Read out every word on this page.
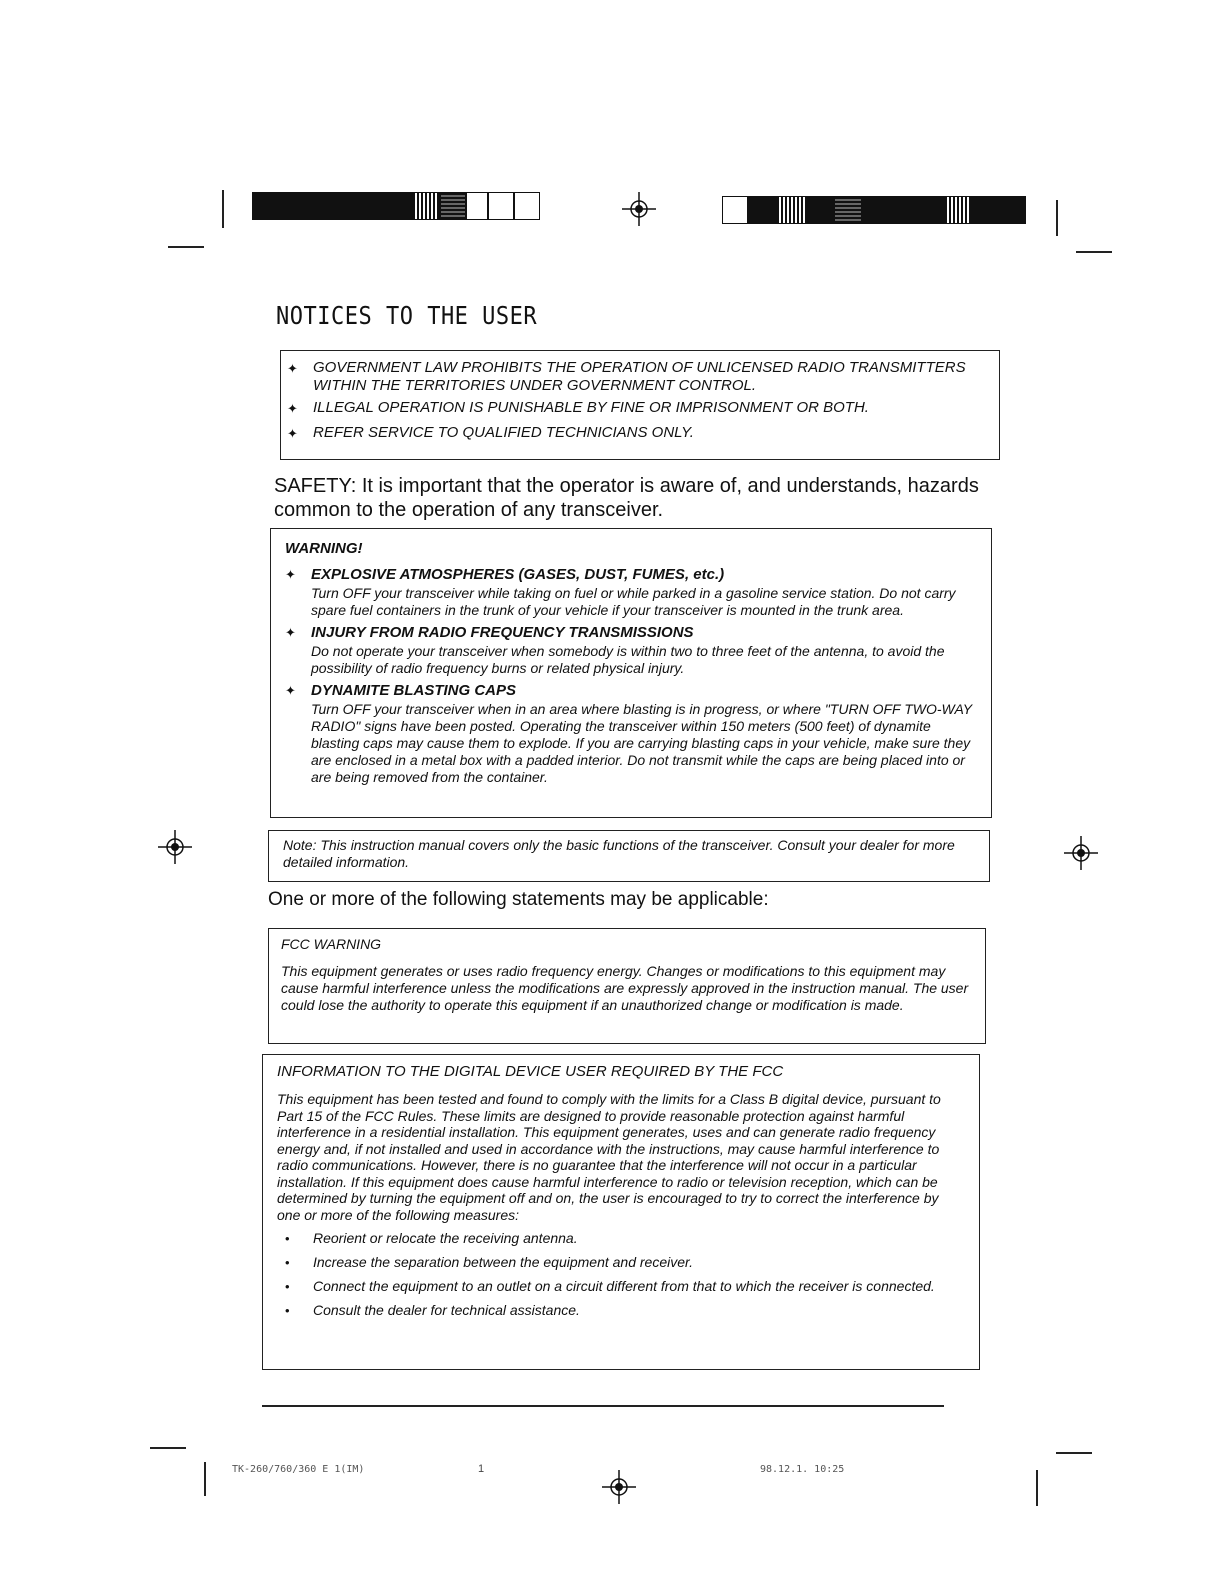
NOTICES TO THE USER
✦	GOVERNMENT LAW PROHIBITS THE OPERATION OF UNLICENSED RADIO TRANSMITTERS WITHIN THE TERRITORIES UNDER GOVERNMENT CONTROL.
✦	ILLEGAL OPERATION IS PUNISHABLE BY FINE OR IMPRISONMENT OR BOTH.
✦	REFER SERVICE TO QUALIFIED TECHNICIANS ONLY.
SAFETY: It is important that the operator is aware of, and understands, hazards common to the operation of any transceiver.
WARNING!
✦	EXPLOSIVE ATMOSPHERES (GASES, DUST, FUMES, etc.)
Turn OFF your transceiver while taking on fuel or while parked in a gasoline service station. Do not carry spare fuel containers in the trunk of your vehicle if your transceiver is mounted in the trunk area.
✦	INJURY FROM RADIO FREQUENCY TRANSMISSIONS
Do not operate your transceiver when somebody is within two to three feet of the antenna, to avoid the possibility of radio frequency burns or related physical injury.
✦	DYNAMITE BLASTING CAPS
Turn OFF your transceiver when in an area where blasting is in progress, or where "TURN OFF TWO-WAY RADIO" signs have been posted. Operating the transceiver within 150 meters (500 feet) of dynamite blasting caps may cause them to explode. If you are carrying blasting caps in your vehicle, make sure they are enclosed in a metal box with a padded interior. Do not transmit while the caps are being placed into or are being removed from the container.
Note: This instruction manual covers only the basic functions of the transceiver. Consult your dealer for more detailed information.
One or more of the following statements may be applicable:
FCC WARNING
This equipment generates or uses radio frequency energy. Changes or modifications to this equipment may cause harmful interference unless the modifications are expressly approved in the instruction manual. The user could lose the authority to operate this equipment if an unauthorized change or modification is made.
INFORMATION TO THE DIGITAL DEVICE USER REQUIRED BY THE FCC
This equipment has been tested and found to comply with the limits for a Class B digital device, pursuant to Part 15 of the FCC Rules. These limits are designed to provide reasonable protection against harmful interference in a residential installation. This equipment generates, uses and can generate radio frequency energy and, if not installed and used in accordance with the instructions, may cause harmful interference to radio communications. However, there is no guarantee that the interference will not occur in a particular installation. If this equipment does cause harmful interference to radio or television reception, which can be determined by turning the equipment off and on, the user is encouraged to try to correct the interference by one or more of the following measures:
•	Reorient or relocate the receiving antenna.
•	Increase the separation between the equipment and receiver.
•	Connect the equipment to an outlet on a circuit different from that to which the receiver is connected.
•	Consult the dealer for technical assistance.
TK-260/760/360 E 1(IM)	1	98.12.1. 10:25
